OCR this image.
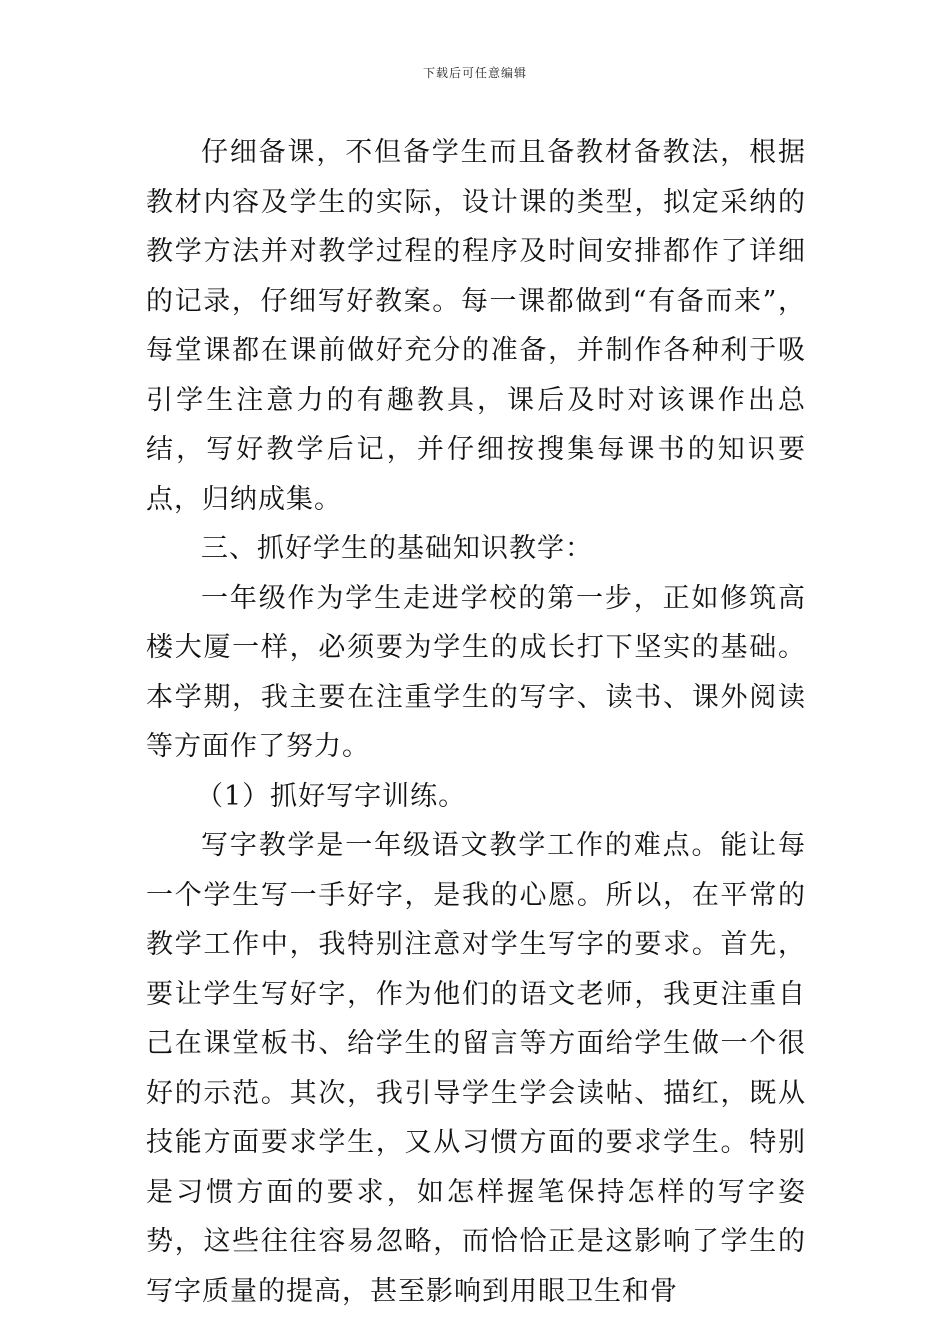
下载后可任意编辑

仔细备课，不但备学生而且备教材备教法，根据教材内容及学生的实际，设计课的类型，拟定采纳的教学方法并对教学过程的程序及时间安排都作了详细的记录，仔细写好教案。每一课都做到“有备而来”，每堂课都在课前做好充分的准备，并制作各种利于吸引学生注意力的有趣教具，课后及时对该课作出总结，写好教学后记，并仔细按搜集每课书的知识要点，归纳成集。

三、抓好学生的基础知识教学：

一年级作为学生走进学校的第一步，正如修筑高楼大厦一样，必须要为学生的成长打下坚实的基础。本学期，我主要在注重学生的写字、读书、课外阅读等方面作了努力。

（1）抓好写字训练。

写字教学是一年级语文教学工作的难点。能让每一个学生写一手好字，是我的心愿。所以，在平常的教学工作中，我特别注意对学生写字的要求。首先，要让学生写好字，作为他们的语文老师，我更注重自己在课堂板书、给学生的留言等方面给学生做一个很好的示范。其次，我引导学生学会读帖、描红，既从技能方面要求学生，又从习惯方面的要求学生。特别是习惯方面的要求，如怎样握笔保持怎样的写字姿势，这些往往容易忽略，而恰恰正是这影响了学生的写字质量的提高，甚至影响到用眼卫生和骨
